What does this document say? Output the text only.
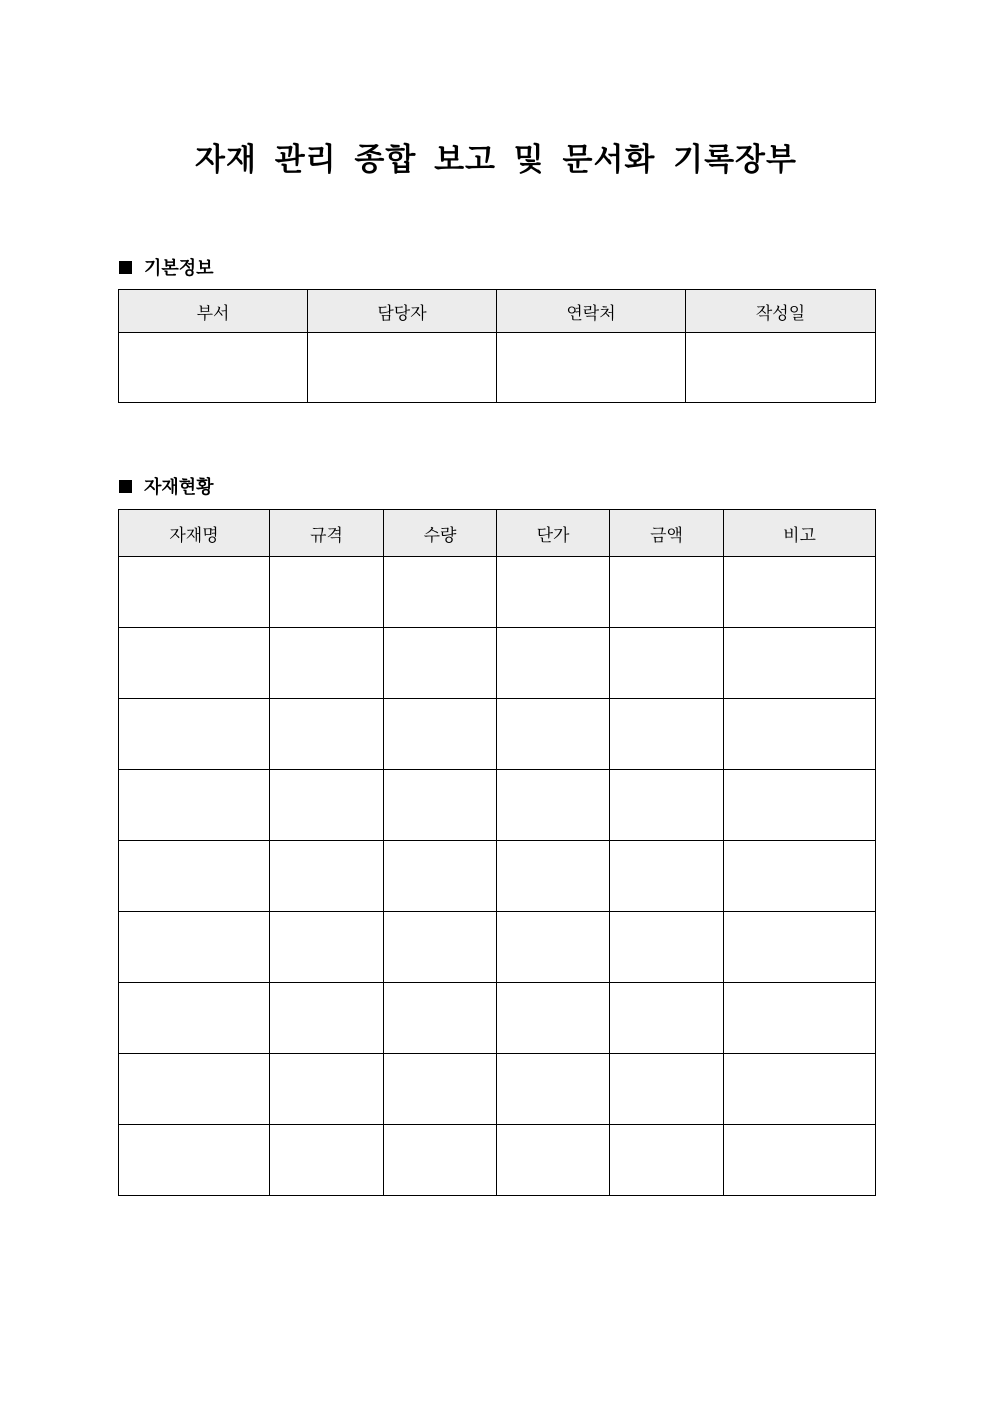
자재 관리 종합 보고 및 문서화 기록장부
기본정보
부서	담당자	연락처	작성일

자재현황
자재명	규격	수량	단가	금액	비고
